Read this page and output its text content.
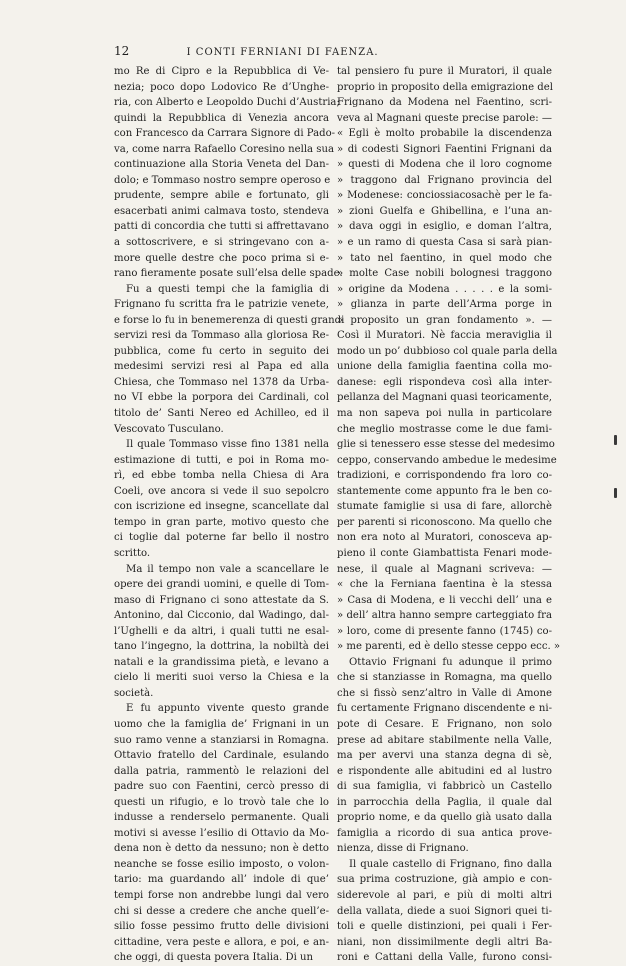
12	I CONTI FERNIANI DI FAENZA.
mo Re di Cipro e la Repubblica di Ve-
nezia; poco dopo Lodovico Re d’Unghe-
ria, con Alberto e Leopoldo Duchi d’Austria;
quindi la Repubblica di Venezia ancora
con Francesco da Carrara Signore di Pado-
va, come narra Rafaello Coresino nella sua
continuazione alla Storia Veneta del Dan-
dolo; e Tommaso nostro sempre operoso e
prudente, sempre abile e fortunato, gli
esacerbati animi calmava tosto, stendeva
patti di concordia che tutti si affrettavano
a sottoscrivere, e si stringevano con a-
more quelle destre che poco prima si e-
rano fieramente posate sull’elsa delle spade.
Fu a questi tempi che la famiglia di
Frignano fu scritta fra le patrizie venete,
e forse lo fu in benemerenza di questi grandi
servizi resi da Tommaso alla gloriosa Re-
pubblica, come fu certo in seguito dei
medesimi servizi resi al Papa ed alla
Chiesa, che Tommaso nel 1378 da Urba-
no VI ebbe la porpora dei Cardinali, col
titolo de’ Santi Nereo ed Achilleo, ed il
Vescovato Tusculano.
Il quale Tommaso visse fino 1381 nella
estimazione di tutti, e poi in Roma mo-
rì, ed ebbe tomba nella Chiesa di Ara
Coeli, ove ancora si vede il suo sepolcro
con iscrizione ed insegne, scancellate dal
tempo in gran parte, motivo questo che
ci toglie dal poterne far bello il nostro
scritto.
Ma il tempo non vale a scancellare le
opere dei grandi uomini, e quelle di Tom-
maso di Frignano ci sono attestate da S.
Antonino, dal Cicconio, dal Wadingo, dal-
l’Ughelli e da altri, i quali tutti ne esal-
tano l’ingegno, la dottrina, la nobiltà dei
natali e la grandissima pietà, e levano a
cielo li meriti suoi verso la Chiesa e la
società.
E fu appunto vivente questo grande
uomo che la famiglia de’ Frignani in un
suo ramo venne a stanziarsi in Romagna.
Ottavio fratello del Cardinale, esulando
dalla patria, rammentò le relazioni del
padre suo con Faentini, cercò presso di
questi un rifugio, e lo trovò tale che lo
indusse a renderselo permanente. Quali
motivi si avesse l’esilio di Ottavio da Mo-
dena non è detto da nessuno; non è detto
neanche se fosse esilio imposto, o volon-
tario: ma guardando all’ indole di que’
tempi forse non andrebbe lungi dal vero
chi si desse a credere che anche quell’e-
silio fosse pessimo frutto delle divisioni
cittadine, vera peste e allora, e poi, e an-
che oggi, di questa povera Italia. Di un
tal pensiero fu pure il Muratori, il quale
proprio in proposito della emigrazione del
Frignano da Modena nel Faentino, scri-
veva al Magnani queste precise parole: —
« Egli è molto probabile la discendenza
» di codesti Signori Faentini Frignani da
» questi di Modena che il loro cognome
» traggono dal Frignano provincia del
» Modenese: conciossiacosachè per le fa-
» zioni Guelfa e Ghibellina, e l’una an-
» dava oggi in esiglio, e doman l’altra,
» e un ramo di questa Casa si sarà pian-
» tato nel faentino, in quel modo che
» molte Case nobili bolognesi traggono
» origine da Modena . . . . . e la somi-
» glianza in parte dell’Arma porge in
» proposito un gran fondamento ». —
Così il Muratori. Nè faccia meraviglia il
modo un po’ dubbioso col quale parla della
unione della famiglia faentina colla mo-
danese: egli rispondeva così alla inter-
pellanza del Magnani quasi teoricamente,
ma non sapeva poi nulla in particolare
che meglio mostrasse come le due fami-
glie si tenessero esse stesse del medesimo
ceppo, conservando ambedue le medesime
tradizioni, e corrispondendo fra loro co-
stantemente come appunto fra le ben co-
stumate famiglie si usa di fare, allorchè
per parenti si riconoscono. Ma quello che
non era noto al Muratori, conosceva ap-
pieno il conte Giambattista Fenari mode-
nese, il quale al Magnani scriveva: —
« che la Ferniana faentina è la stessa
» Casa di Modena, e li vecchi dell’ una e
» dell’ altra hanno sempre carteggiato fra
» loro, come di presente fanno (1745) co-
» me parenti, ed è dello stesse ceppo ecc. »
Ottavio Frignani fu adunque il primo
che si stanziasse in Romagna, ma quello
che si fissò senz’altro in Valle di Amone
fu certamente Frignano discendente e ni-
pote di Cesare. E Frignano, non solo
prese ad abitare stabilmente nella Valle,
ma per avervi una stanza degna di sè,
e rispondente alle abitudini ed al lustro
di sua famiglia, vi fabbricò un Castello
in parrocchia della Paglia, il quale dal
proprio nome, e da quello già usato dalla
famiglia a ricordo di sua antica prove-
nienza, disse di Frignano.
Il quale castello di Frignano, fino dalla
sua prima costruzione, già ampio e con-
siderevole al pari, e più di molti altri
della vallata, diede a suoi Signori quei ti-
toli e quelle distinzioni, pei quali i Fer-
niani, non dissimilmente degli altri Ba-
roni e Cattani della Valle, furono consi-
